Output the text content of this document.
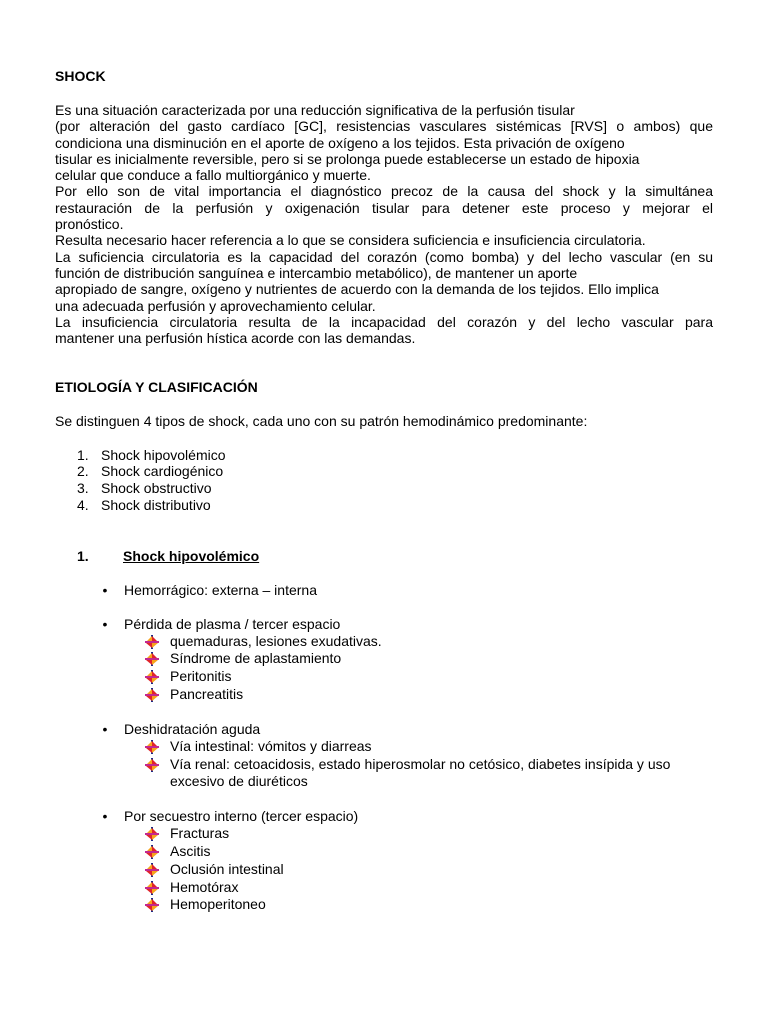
SHOCK

Es una situación caracterizada por una reducción significativa de la perfusión tisular
(por alteración del gasto cardíaco [GC], resistencias vasculares sistémicas [RVS] o ambos) que
condiciona una disminución en el aporte de oxígeno a los tejidos. Esta privación de oxígeno
tisular es inicialmente reversible, pero si se prolonga puede establecerse un estado de hipoxia
celular que conduce a fallo multiorgánico y muerte.
Por ello son de vital importancia el diagnóstico precoz de la causa del shock y la simultánea
restauración de la perfusión y oxigenación tisular para detener este proceso y mejorar el
pronóstico.
Resulta necesario hacer referencia a lo que se considera suficiencia e insuficiencia circulatoria.
La suficiencia circulatoria es la capacidad del corazón (como bomba) y del lecho vascular (en su
función de distribución sanguínea e intercambio metabólico), de mantener un aporte
apropiado de sangre, oxígeno y nutrientes de acuerdo con la demanda de los tejidos. Ello implica
una adecuada perfusión y aprovechamiento celular.
La insuficiencia circulatoria resulta de la incapacidad del corazón y del lecho vascular para
mantener una perfusión hística acorde con las demandas.

ETIOLOGÍA Y CLASIFICACIÓN

Se distinguen 4 tipos de shock, cada uno con su patrón hemodinámico predominante:

1. Shock hipovolémico
2. Shock cardiogénico
3. Shock obstructivo
4. Shock distributivo
1. Shock hipovolémico
• Hemorrágico: externa – interna
• Pérdida de plasma / tercer espacio
quemaduras, lesiones exudativas.
Síndrome de aplastamiento
Peritonitis
Pancreatitis
• Deshidratación aguda
Vía intestinal: vómitos y diarreas
Vía renal: cetoacidosis, estado hiperosmolar no cetósico, diabetes insípida y uso excesivo de diuréticos
• Por secuestro interno (tercer espacio)
Fracturas
Ascitis
Oclusión intestinal
Hemotórax
Hemoperitoneo
